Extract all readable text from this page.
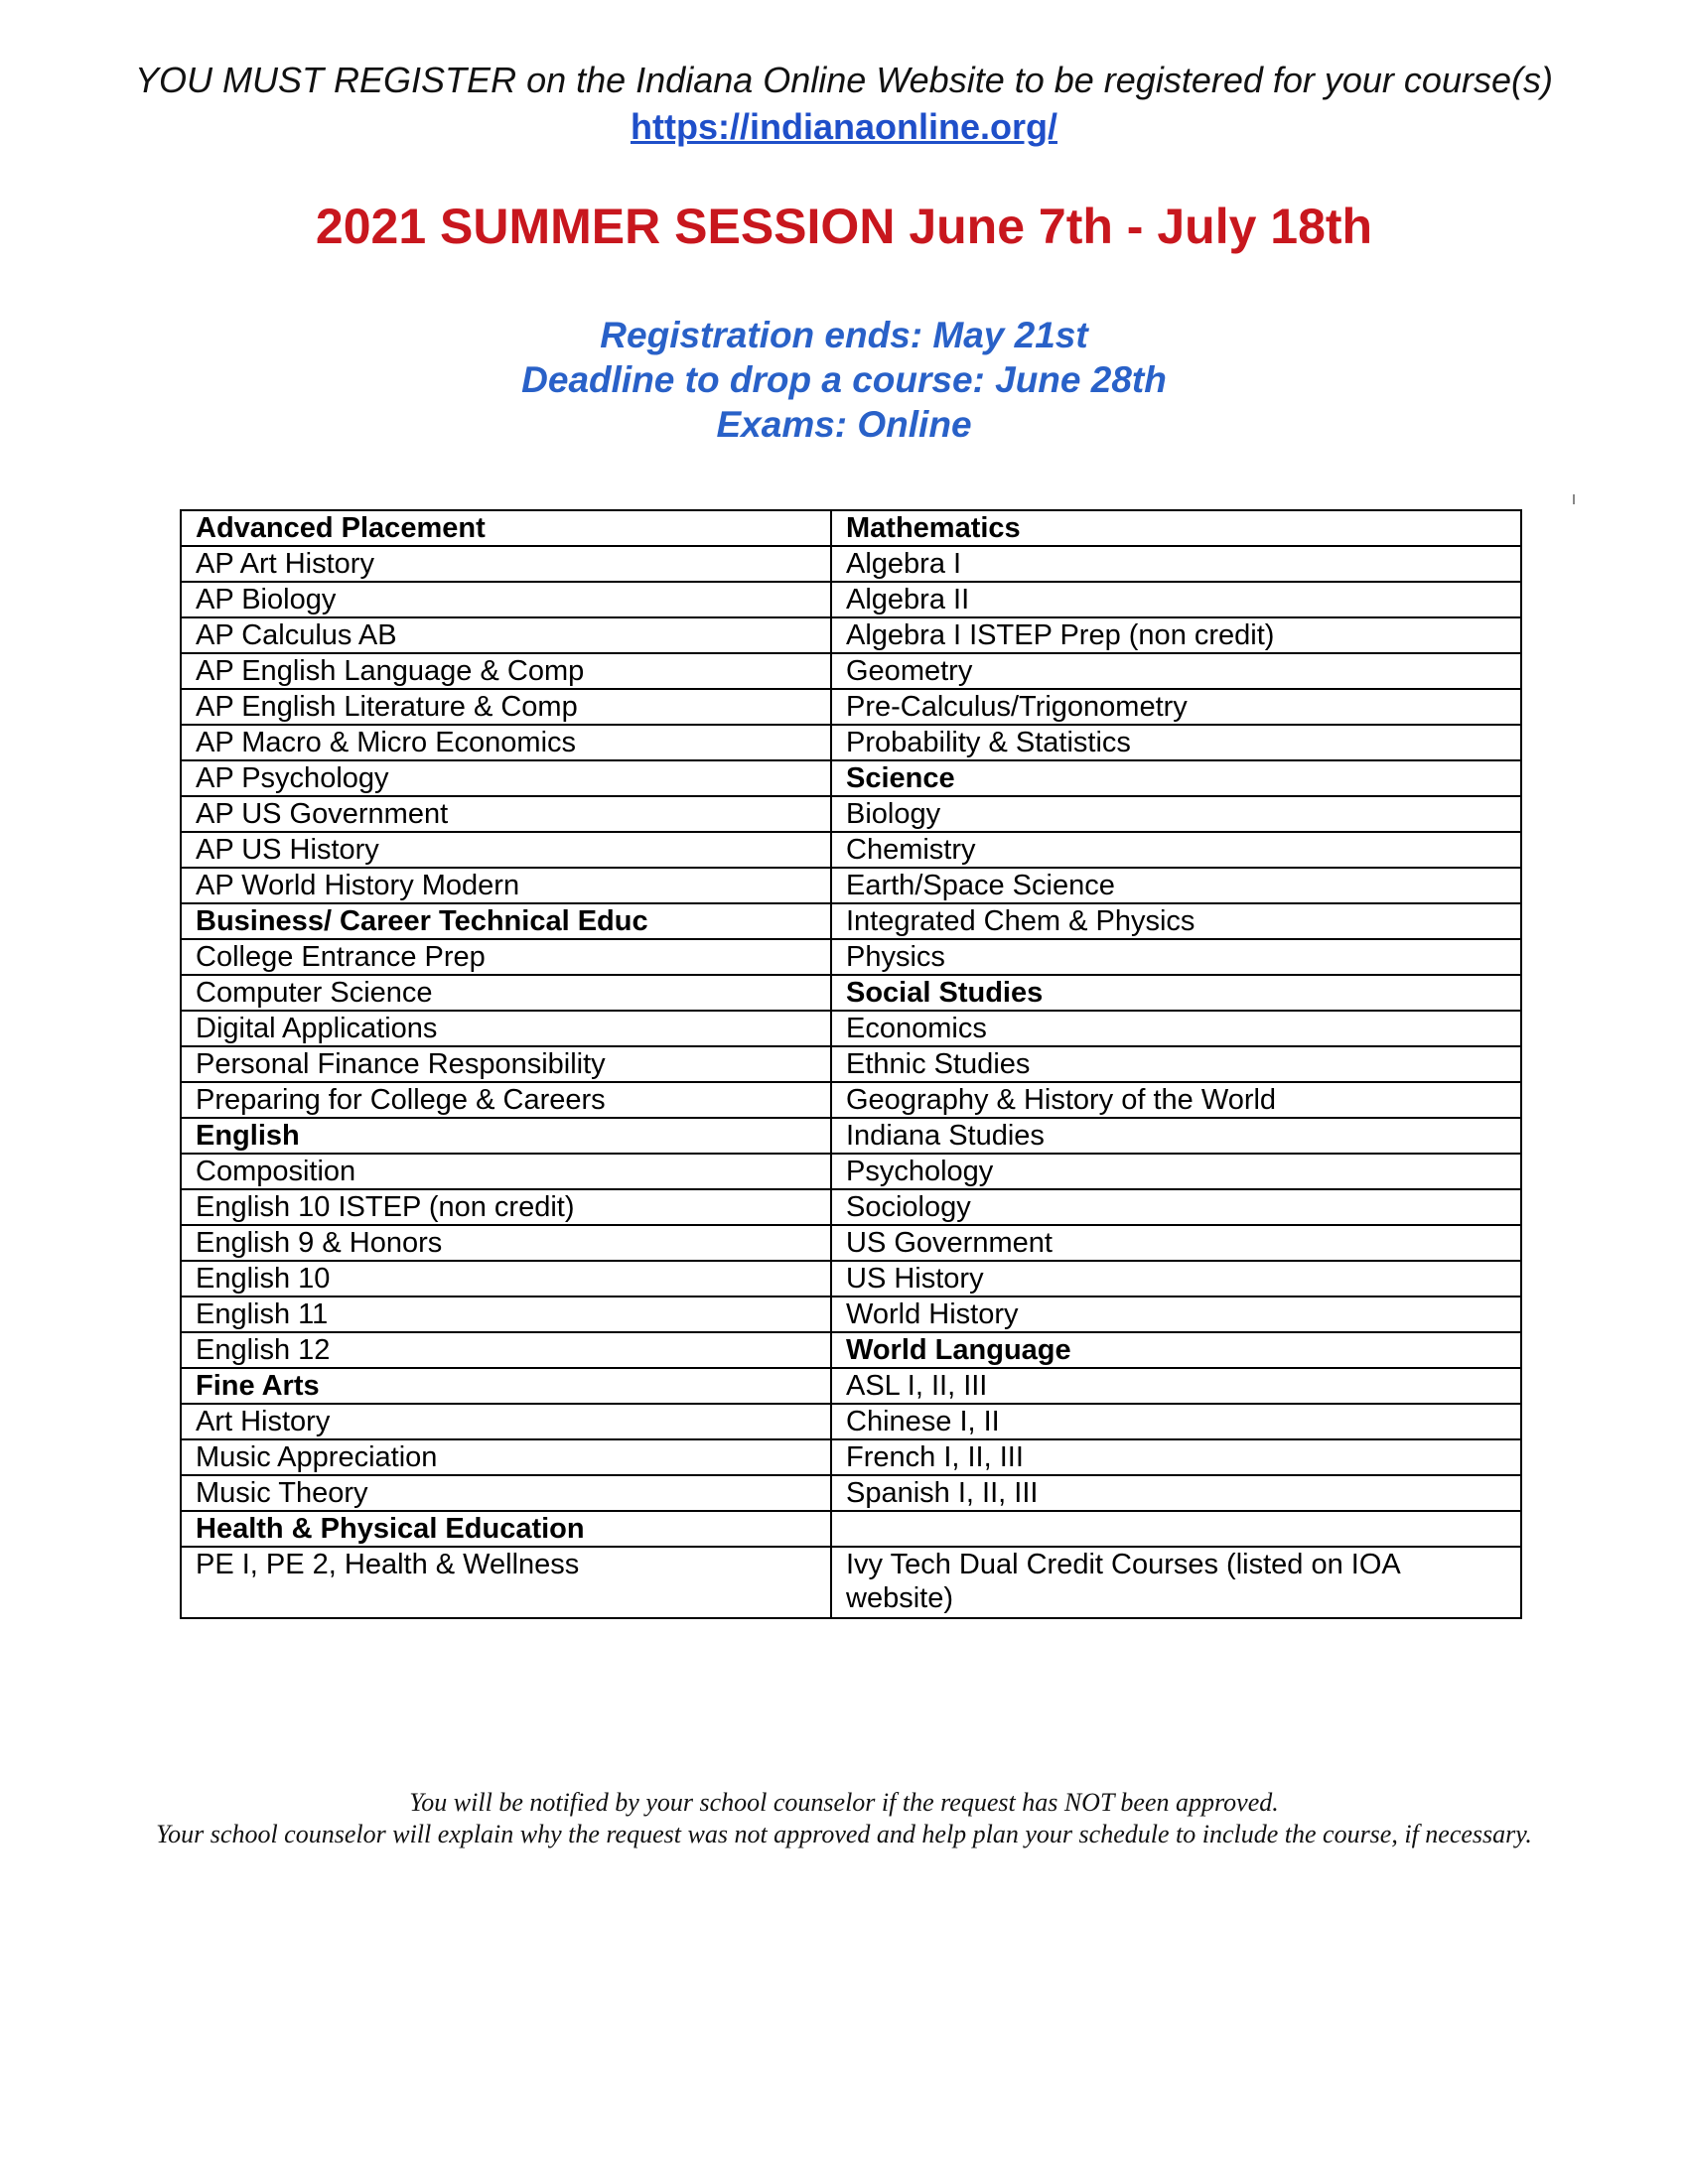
YOU MUST REGISTER on the Indiana Online Website to be registered for your course(s)
https://indianaonline.org/
2021 SUMMER SESSION June 7th - July 18th
Registration ends: May 21st
Deadline to drop a course: June 28th
Exams: Online
Advanced Placement	Mathematics
AP Art History	Algebra I
AP Biology	Algebra II
AP Calculus AB	Algebra I ISTEP Prep (non credit)
AP English Language & Comp	Geometry
AP English Literature & Comp	Pre-Calculus/Trigonometry
AP Macro & Micro Economics	Probability & Statistics
AP Psychology	Science
AP US Government	Biology
AP US History	Chemistry
AP World History Modern	Earth/Space Science
Business/ Career Technical Educ	Integrated Chem & Physics
College Entrance Prep	Physics
Computer Science	Social Studies
Digital Applications	Economics
Personal Finance Responsibility	Ethnic Studies
Preparing for College & Careers	Geography & History of the World
English	Indiana Studies
Composition	Psychology
English 10 ISTEP (non credit)	Sociology
English 9 & Honors	US Government
English 10	US History
English 11	World History
English 12	World Language
Fine Arts	ASL I, II, III
Art History	Chinese I, II
Music Appreciation	French I, II, III
Music Theory	Spanish I, II, III
Health & Physical Education	
PE I, PE 2, Health & Wellness	Ivy Tech Dual Credit Courses (listed on IOA website)
You will be notified by your school counselor if the request has NOT been approved.
Your school counselor will explain why the request was not approved and help plan your schedule to include the course, if necessary.
